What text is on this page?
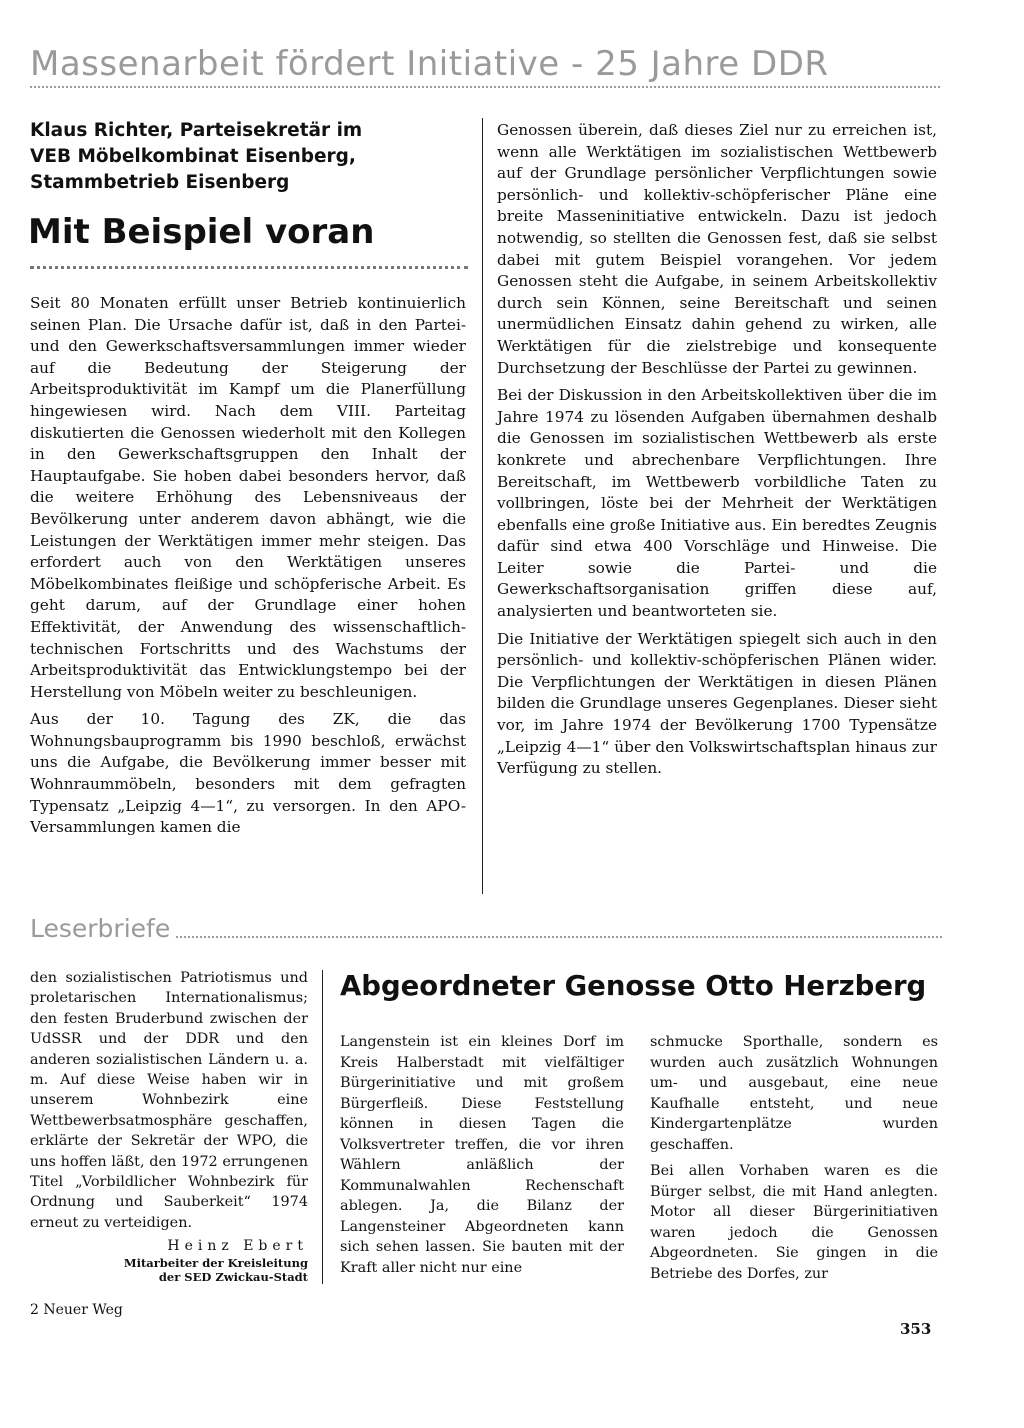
Massenarbeit fördert Initiative - 25 Jahre DDR
Klaus Richter, Parteisekretär im
VEB Möbelkombinat Eisenberg,
Stammbetrieb Eisenberg
Mit Beispiel voran

Seit 80 Monaten erfüllt unser Betrieb kontinuierlich seinen Plan. Die Ursache dafür ist, daß in den Partei- und den Gewerkschaftsversammlungen immer wieder auf die Bedeutung der Steigerung der Arbeitsproduktivität im Kampf um die Planerfüllung hingewiesen wird. Nach dem VIII. Parteitag diskutierten die Genossen wiederholt mit den Kollegen in den Gewerkschaftsgruppen den Inhalt der Hauptaufgabe. Sie hoben dabei besonders hervor, daß die weitere Erhöhung des Lebensniveaus der Bevölkerung unter anderem davon abhängt, wie die Leistungen der Werktätigen immer mehr steigen. Das erfordert auch von den Werktätigen unseres Möbelkombinates fleißige und schöpferische Arbeit. Es geht darum, auf der Grundlage einer hohen Effektivität, der Anwendung des wissenschaftlich-technischen Fortschritts und des Wachstums der Arbeitsproduktivität das Entwicklungstempo bei der Herstellung von Möbeln weiter zu beschleunigen.

Aus der 10. Tagung des ZK, die das Wohnungsbauprogramm bis 1990 beschloß, erwächst uns die Aufgabe, die Bevölkerung immer besser mit Wohnraummöbeln, besonders mit dem gefragten Typensatz „Leipzig 4—1“, zu versorgen. In den APO-Versammlungen kamen die

Genossen überein, daß dieses Ziel nur zu erreichen ist, wenn alle Werktätigen im sozialistischen Wettbewerb auf der Grundlage persönlicher Verpflichtungen sowie persönlich- und kollektiv-schöpferischer Pläne eine breite Masseninitiative entwickeln. Dazu ist jedoch notwendig, so stellten die Genossen fest, daß sie selbst dabei mit gutem Beispiel vorangehen. Vor jedem Genossen steht die Aufgabe, in seinem Arbeitskollektiv durch sein Können, seine Bereitschaft und seinen unermüdlichen Einsatz dahin gehend zu wirken, alle Werktätigen für die zielstrebige und konsequente Durchsetzung der Beschlüsse der Partei zu gewinnen.

Bei der Diskussion in den Arbeitskollektiven über die im Jahre 1974 zu lösenden Aufgaben übernahmen deshalb die Genossen im sozialistischen Wettbewerb als erste konkrete und abrechenbare Verpflichtungen. Ihre Bereitschaft, im Wettbewerb vorbildliche Taten zu vollbringen, löste bei der Mehrheit der Werktätigen ebenfalls eine große Initiative aus. Ein beredtes Zeugnis dafür sind etwa 400 Vorschläge und Hinweise. Die Leiter sowie die Partei- und die Gewerkschaftsorganisation griffen diese auf, analysierten und beantworteten sie.

Die Initiative der Werktätigen spiegelt sich auch in den persönlich- und kollektiv-schöpferischen Plänen wider. Die Verpflichtungen der Werktätigen in diesen Plänen bilden die Grundlage unseres Gegenplanes. Dieser sieht vor, im Jahre 1974 der Bevölkerung 1700 Typensätze „Leipzig 4—1“ über den Volkswirtschaftsplan hinaus zur Verfügung zu stellen.

Leserbriefe

den sozialistischen Patriotismus und proletarischen Internationalismus; den festen Bruderbund zwischen der UdSSR und der DDR und den anderen sozialistischen Ländern u. a. m. Auf diese Weise haben wir in unserem Wohnbezirk eine Wettbewerbsatmosphäre geschaffen, erklärte der Sekretär der WPO, die uns hoffen läßt, den 1972 errungenen Titel „Vorbildlicher Wohnbezirk für Ordnung und Sauberkeit“ 1974 erneut zu verteidigen.

Heinz Ebert
Mitarbeiter der Kreisleitung
der SED Zwickau-Stadt
Abgeordneter Genosse Otto Herzberg

Langenstein ist ein kleines Dorf im Kreis Halberstadt mit vielfältiger Bürgerinitiative und mit großem Bürgerfleiß. Diese Feststellung können in diesen Tagen die Volksvertreter treffen, die vor ihren Wählern anläßlich der Kommunalwahlen Rechenschaft ablegen. Ja, die Bilanz der Langensteiner Abgeordneten kann sich sehen lassen. Sie bauten mit der Kraft aller nicht nur eine

schmucke Sporthalle, sondern es wurden auch zusätzlich Wohnungen um- und ausgebaut, eine neue Kaufhalle entsteht, und neue Kindergartenplätze wurden geschaffen.

Bei allen Vorhaben waren es die Bürger selbst, die mit Hand anlegten. Motor all dieser Bürgerinitiativen waren jedoch die Genossen Abgeordneten. Sie gingen in die Betriebe des Dorfes, zur

2 Neuer Weg
353
